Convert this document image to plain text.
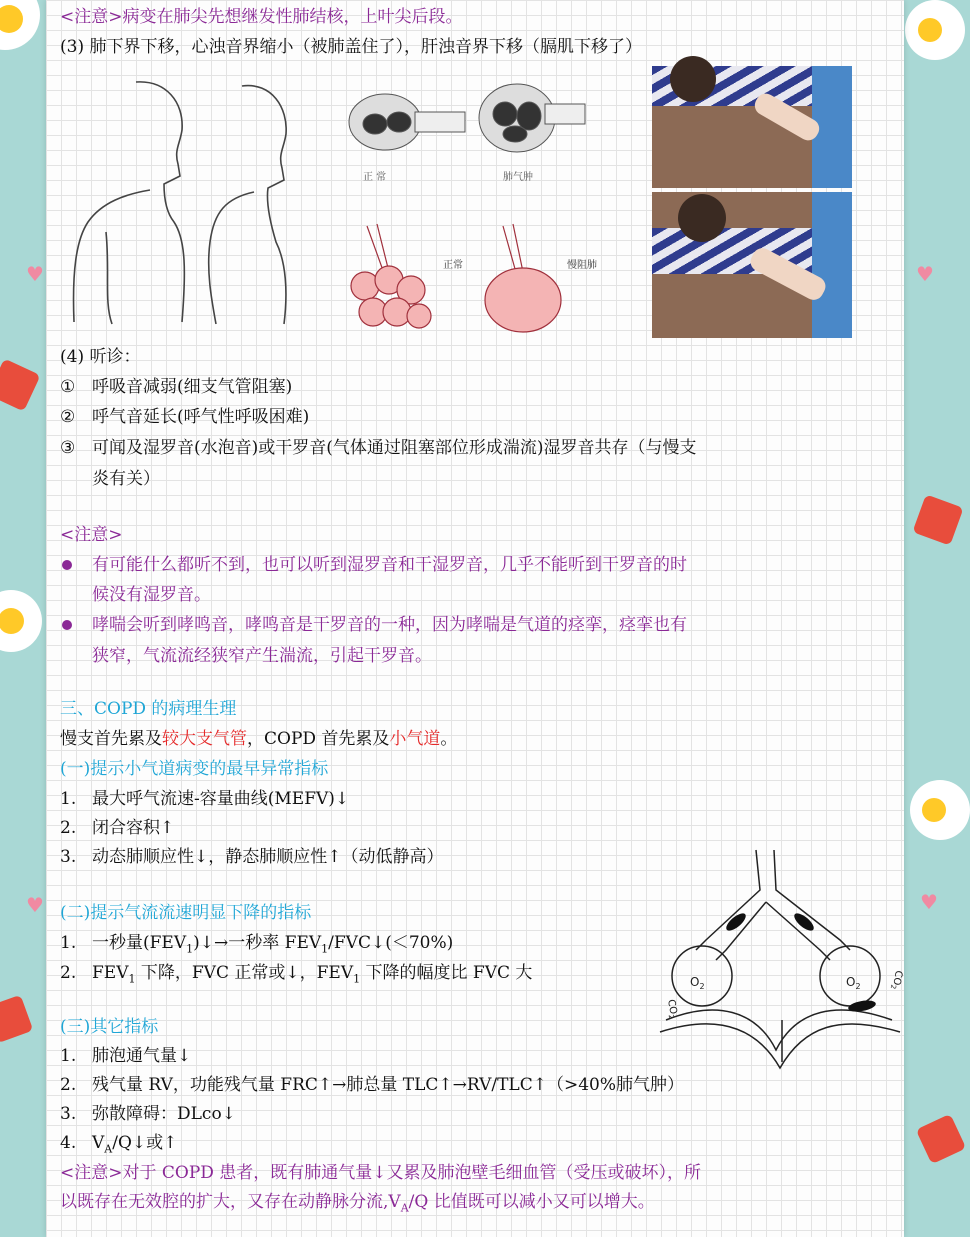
♥
♥
♥
♥
<注意>病变在肺尖先想继发性肺结核，上叶尖后段。
(3) 肺下界下移，心浊音界缩小（被肺盖住了），肝浊音界下移（膈肌下移了）
正 常	肺气肿
正常	慢阻肺
(4) 听诊：
① 呼吸音减弱(细支气管阻塞)
② 呼气音延长(呼气性呼吸困难)
③ 可闻及湿罗音(水泡音)或干罗音(气体通过阻塞部位形成湍流)湿罗音共存（与慢支
炎有关）
<注意>
有可能什么都听不到，也可以听到湿罗音和干湿罗音，几乎不能听到干罗音的时
候没有湿罗音。
哮喘会听到哮鸣音，哮鸣音是干罗音的一种，因为哮喘是气道的痉挛，痉挛也有
狭窄，气流流经狭窄产生湍流，引起干罗音。
三、COPD 的病理生理
慢支首先累及较大支气管，COPD 首先累及小气道。
(一)提示小气道病变的最早异常指标
1. 最大呼气流速-容量曲线(MEFV)↓
2. 闭合容积↑
3. 动态肺顺应性↓，静态肺顺应性↑（动低静高）
(二)提示气流流速明显下降的指标
1. 一秒量$(FEV_1)↓\to$一秒率 $FEV_1/FVC↓(<70\%)$
2. $FEV_1$ 下降，FVC 正常或↓，$FEV_1$ 下降的幅度比 FVC 大	$O_2$	$O_2$
$CO_2$
$CO_2$
(三)其它指标
1. 肺泡通气量↓
2. 残气量 RV，功能残气量 FRC↑→肺总量 TLC↑→RV/TLC↑（>40%肺气肿）
3. 弥散障碍：DLco↓
4. $V_A/Q↓$或↑
<注意>对于 COPD 患者，既有肺通气量↓又累及肺泡壁毛细血管（受压或破坏），所
以既存在无效腔的扩大，又存在动静脉分流$,V_A/Q$ 比值既可以减小又可以增大。
